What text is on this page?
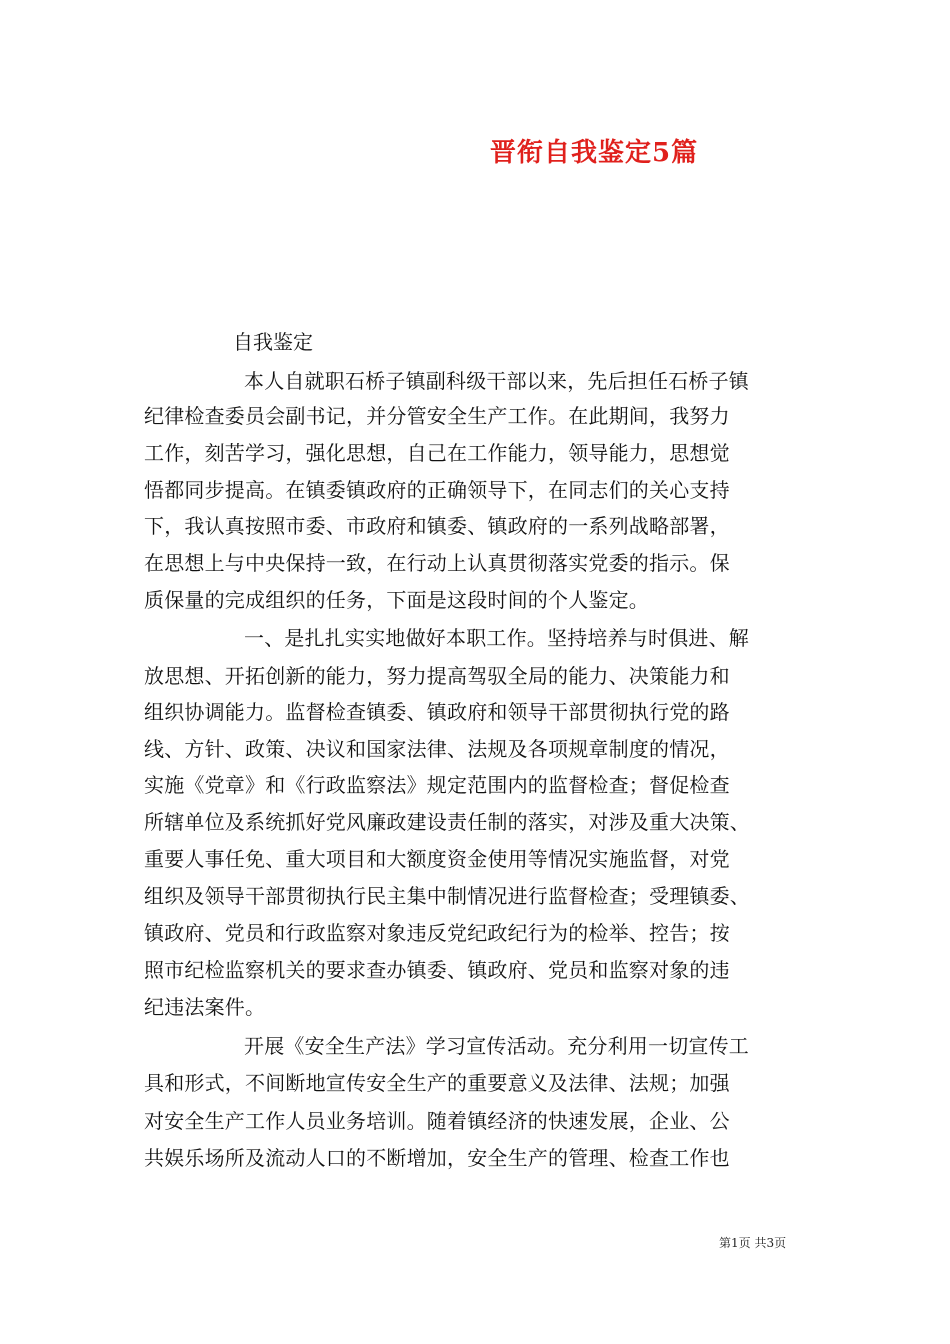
晋衔自我鉴定5篇
自我鉴定
本人自就职石桥子镇副科级干部以来，先后担任石桥子镇
纪律检查委员会副书记，并分管安全生产工作。在此期间，我努力
工作，刻苦学习，强化思想，自己在工作能力，领导能力，思想觉
悟都同步提高。在镇委镇政府的正确领导下，在同志们的关心支持
下，我认真按照市委、市政府和镇委、镇政府的一系列战略部署，
在思想上与中央保持一致，在行动上认真贯彻落实党委的指示。保
质保量的完成组织的任务，下面是这段时间的个人鉴定。
一、是扎扎实实地做好本职工作。坚持培养与时俱进、解
放思想、开拓创新的能力，努力提高驾驭全局的能力、决策能力和
组织协调能力。监督检查镇委、镇政府和领导干部贯彻执行党的路
线、方针、政策、决议和国家法律、法规及各项规章制度的情况，
实施《党章》和《行政监察法》规定范围内的监督检查；督促检查
所辖单位及系统抓好党风廉政建设责任制的落实，对涉及重大决策、
重要人事任免、重大项目和大额度资金使用等情况实施监督，对党
组织及领导干部贯彻执行民主集中制情况进行监督检查；受理镇委、
镇政府、党员和行政监察对象违反党纪政纪行为的检举、控告；按
照市纪检监察机关的要求查办镇委、镇政府、党员和监察对象的违
纪违法案件。
开展《安全生产法》学习宣传活动。充分利用一切宣传工
具和形式，不间断地宣传安全生产的重要意义及法律、法规；加强
对安全生产工作人员业务培训。随着镇经济的快速发展，企业、公
共娱乐场所及流动人口的不断增加，安全生产的管理、检查工作也
第1页 共3页
